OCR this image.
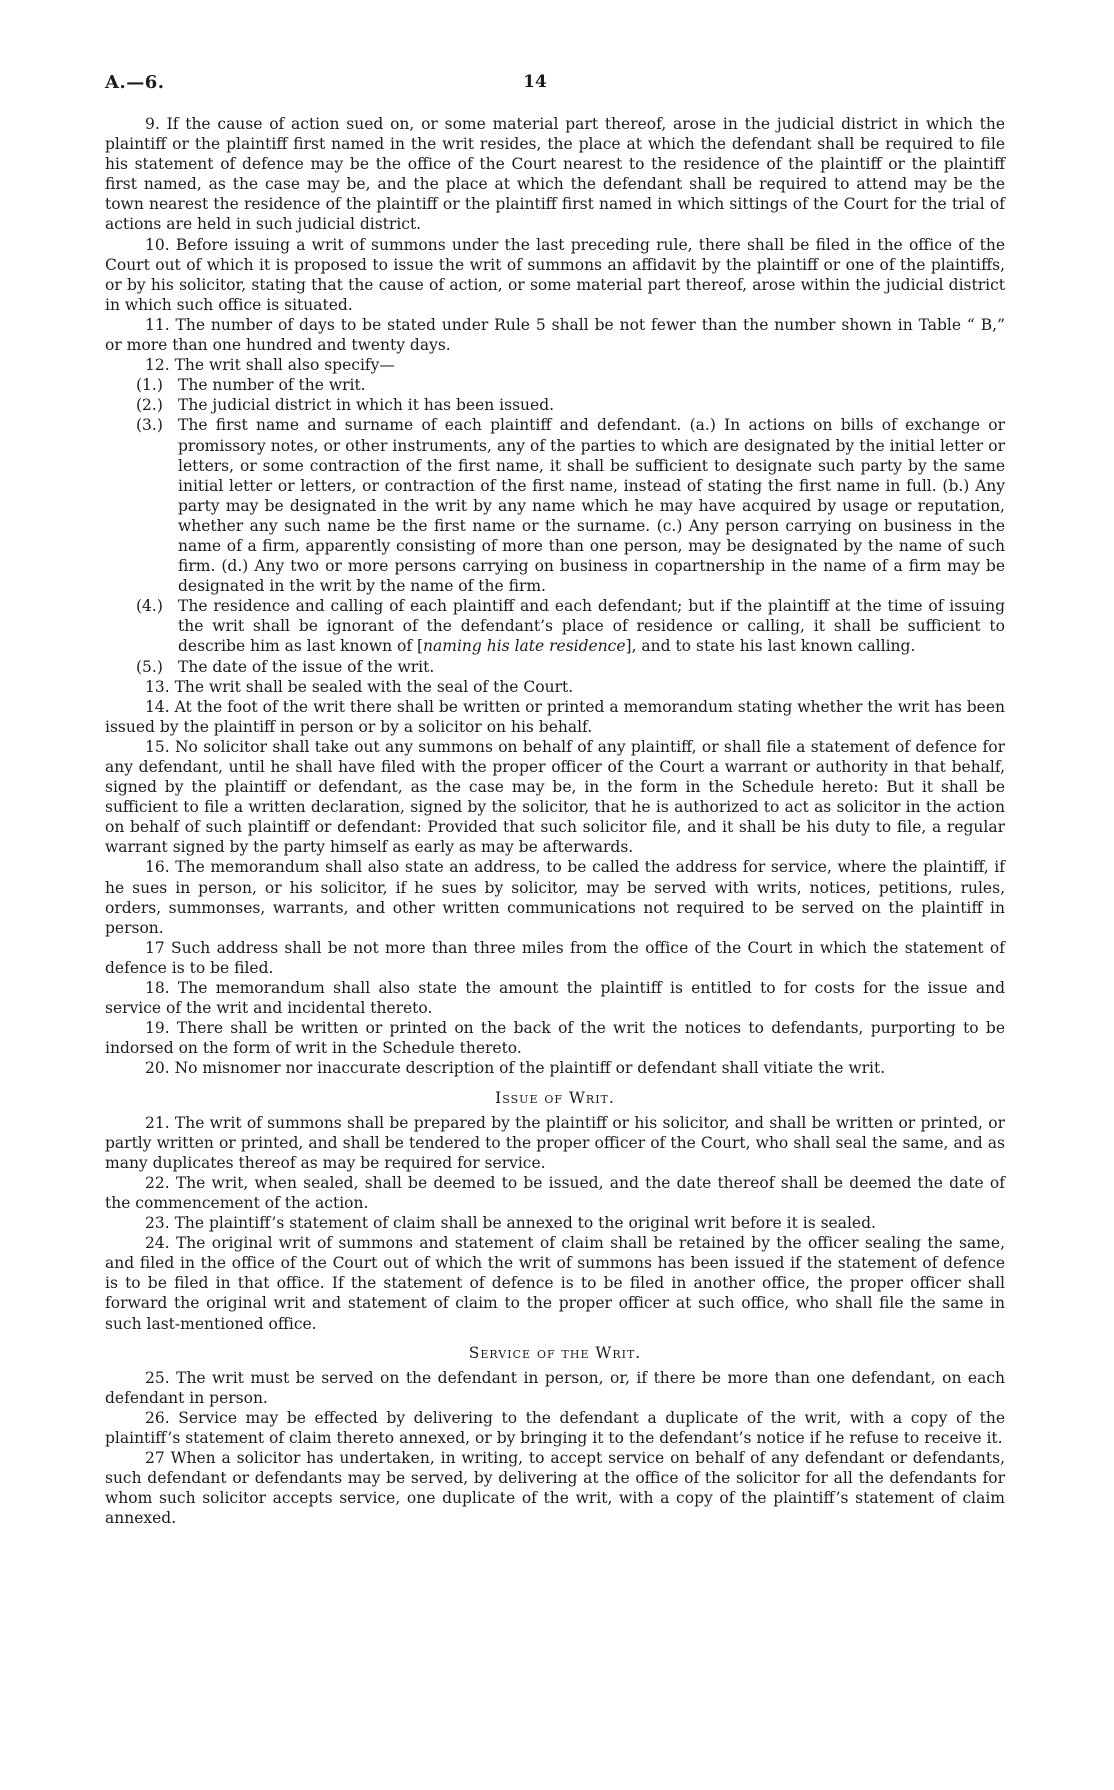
A.—6.	14

9. If the cause of action sued on, or some material part thereof, arose in the judicial district in which the plaintiff or the plaintiff first named in the writ resides, the place at which the defendant shall be required to file his statement of defence may be the office of the Court nearest to the residence of the plaintiff or the plaintiff first named, as the case may be, and the place at which the defendant shall be required to attend may be the town nearest the residence of the plaintiff or the plaintiff first named in which sittings of the Court for the trial of actions are held in such judicial district.

10. Before issuing a writ of summons under the last preceding rule, there shall be filed in the office of the Court out of which it is proposed to issue the writ of summons an affidavit by the plaintiff or one of the plaintiffs, or by his solicitor, stating that the cause of action, or some material part thereof, arose within the judicial district in which such office is situated.

11. The number of days to be stated under Rule 5 shall be not fewer than the number shown in Table “ B,” or more than one hundred and twenty days.

12. The writ shall also specify—

(1.) The number of the writ.

(2.) The judicial district in which it has been issued.

(3.) The first name and surname of each plaintiff and defendant. (a.) In actions on bills of exchange or promissory notes, or other instruments, any of the parties to which are designated by the initial letter or letters, or some contraction of the first name, it shall be sufficient to designate such party by the same initial letter or letters, or contraction of the first name, instead of stating the first name in full. (b.) Any party may be designated in the writ by any name which he may have acquired by usage or reputation, whether any such name be the first name or the surname. (c.) Any person carrying on business in the name of a firm, apparently consisting of more than one person, may be designated by the name of such firm. (d.) Any two or more persons carrying on business in copartnership in the name of a firm may be designated in the writ by the name of the firm.

(4.) The residence and calling of each plaintiff and each defendant; but if the plaintiff at the time of issuing the writ shall be ignorant of the defendant’s place of residence or calling, it shall be sufficient to describe him as last known of [naming his late residence], and to state his last known calling.

(5.) The date of the issue of the writ.

13. The writ shall be sealed with the seal of the Court.

14. At the foot of the writ there shall be written or printed a memorandum stating whether the writ has been issued by the plaintiff in person or by a solicitor on his behalf.

15. No solicitor shall take out any summons on behalf of any plaintiff, or shall file a statement of defence for any defendant, until he shall have filed with the proper officer of the Court a warrant or authority in that behalf, signed by the plaintiff or defendant, as the case may be, in the form in the Schedule hereto: But it shall be sufficient to file a written declaration, signed by the solicitor, that he is authorized to act as solicitor in the action on behalf of such plaintiff or defendant: Provided that such solicitor file, and it shall be his duty to file, a regular warrant signed by the party himself as early as may be afterwards.

16. The memorandum shall also state an address, to be called the address for service, where the plaintiff, if he sues in person, or his solicitor, if he sues by solicitor, may be served with writs, notices, petitions, rules, orders, summonses, warrants, and other written communications not required to be served on the plaintiff in person.

17 Such address shall be not more than three miles from the office of the Court in which the statement of defence is to be filed.

18. The memorandum shall also state the amount the plaintiff is entitled to for costs for the issue and service of the writ and incidental thereto.

19. There shall be written or printed on the back of the writ the notices to defendants, purporting to be indorsed on the form of writ in the Schedule thereto.

20. No misnomer nor inaccurate description of the plaintiff or defendant shall vitiate the writ.

Issue of Writ.

21. The writ of summons shall be prepared by the plaintiff or his solicitor, and shall be written or printed, or partly written or printed, and shall be tendered to the proper officer of the Court, who shall seal the same, and as many duplicates thereof as may be required for service.

22. The writ, when sealed, shall be deemed to be issued, and the date thereof shall be deemed the date of the commencement of the action.

23. The plaintiff’s statement of claim shall be annexed to the original writ before it is sealed.

24. The original writ of summons and statement of claim shall be retained by the officer sealing the same, and filed in the office of the Court out of which the writ of summons has been issued if the statement of defence is to be filed in that office. If the statement of defence is to be filed in another office, the proper officer shall forward the original writ and statement of claim to the proper officer at such office, who shall file the same in such last-mentioned office.

Service of the Writ.

25. The writ must be served on the defendant in person, or, if there be more than one defendant, on each defendant in person.

26. Service may be effected by delivering to the defendant a duplicate of the writ, with a copy of the plaintiff’s statement of claim thereto annexed, or by bringing it to the defendant’s notice if he refuse to receive it.

27 When a solicitor has undertaken, in writing, to accept service on behalf of any defendant or defendants, such defendant or defendants may be served, by delivering at the office of the solicitor for all the defendants for whom such solicitor accepts service, one duplicate of the writ, with a copy of the plaintiff’s statement of claim annexed.
